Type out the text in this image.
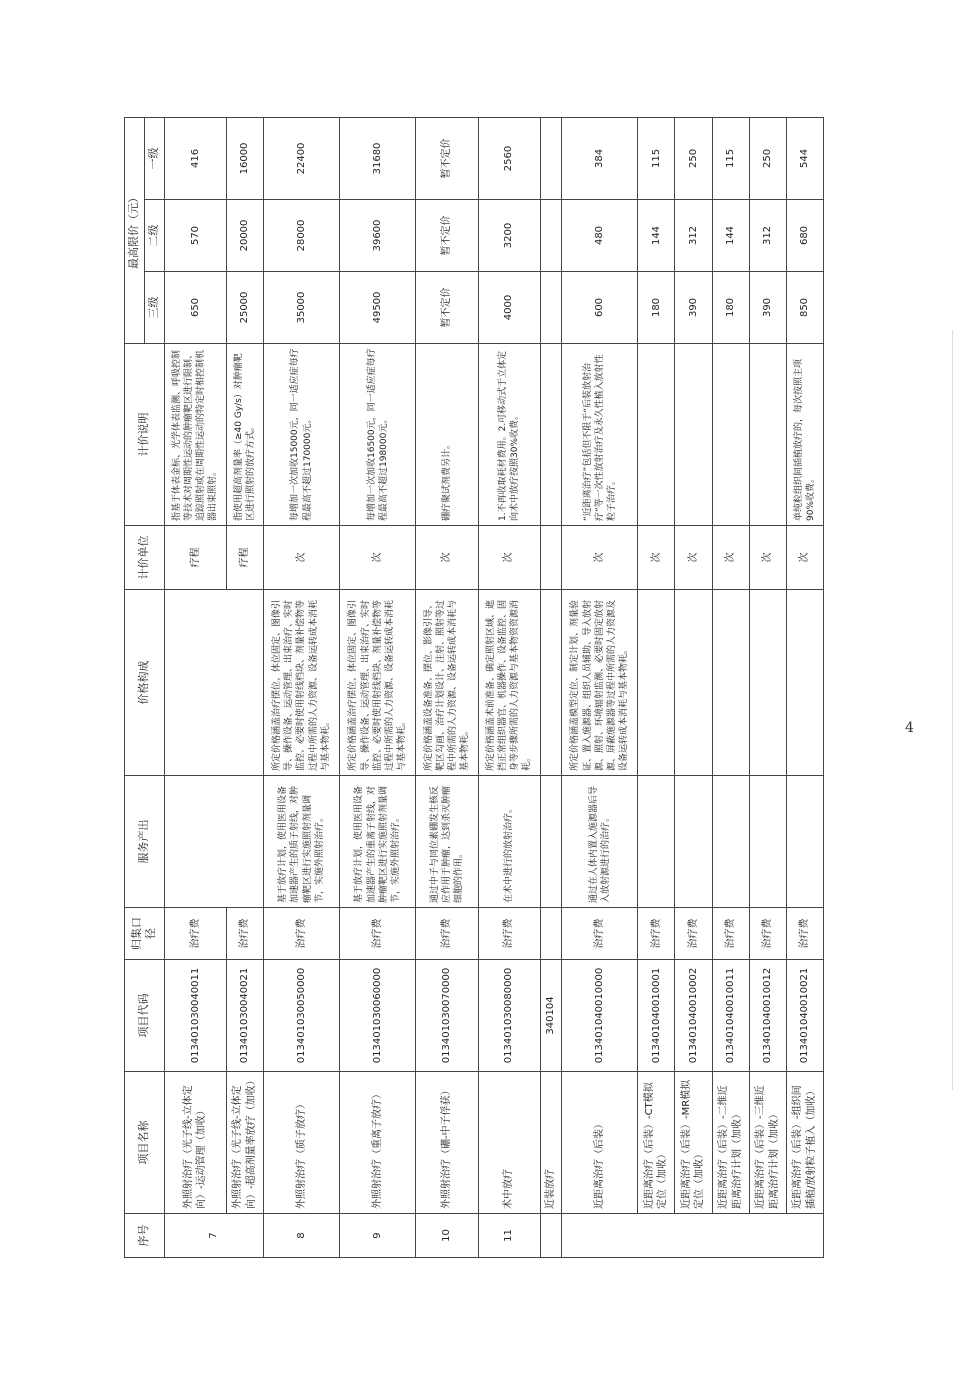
序号	项目名称	项目代码	归集口径	服务产出	价格构成	计价单位	计价说明	最高限价（元）		
								三级	二级	一级
7	外照射治疗（光子线-立体定向）-运动管理（加收）	013401030040011	治疗费			疗程	指基于体表金标、光学体表监测、呼吸控制等技术对周期性运动的肿瘤靶区进行限制、追踪照射或在周期性运动的特定时相控制机器出束照射。	650	570	416
	外照射治疗（光子线-立体定向）-超高剂量率放疗（加收）	013401030040021	治疗费			疗程	指使用超高剂量率（≥40 Gy/s）对肿瘤靶区进行照射的放疗方式。	25000	20000	16000
8	外照射治疗（质子放疗）	013401030050000	治疗费	基于放疗计划，使用医用设备加速器产生的质子射线，对肿瘤靶区进行实施照射剂量调节，实施外照射治疗。	所定价格涵盖治疗摆位、体位固定、图像引导、操作设备、运动管理、出束治疗、实时监控、必要时使用射线档块、剂量补偿物等过程中所需的人力资源、设备运转成本消耗与基本物耗。	次	每增加一次加收15000元，同一适应症每疗程最高不超过170000元。	35000	28000	22400
9	外照射治疗（重离子放疗）	013401030060000	治疗费	基于放疗计划，使用医用设备加速器产生的重离子射线，对肿瘤靶区进行实施照射剂量调节，实施外照射治疗。	所定价格涵盖治疗摆位、体位固定、图像引导、操作设备、运动管理、出束治疗、实时监控、必要时使用射线档块、剂量补偿物等过程中所需的人力资源、设备运转成本消耗与基本物耗。	次	每增加一次加收16500元，同一适应症每疗程最高不超过198000元。	49500	39600	31680
10	外照射治疗（硼-中子俘获）	013401030070000	治疗费	通过中子与同位素硼发生核反应作用于肿瘤，达到杀灭肿瘤细胞的作用。	所定价格涵盖设备准备、摆位、影像引导、靶区勾画、治疗计划设计、注射、照射等过程中所需的人力资源、设备运转成本消耗与基本物耗。	次	硼疗聚试剂费另计。	暂不定价	暂不定价	暂不定价
11	术中放疗	013401030080000	治疗费	在术中进行的放射治疗。	所定价格涵盖术前准备、确定照射区域、遮挡正常组织器官、机器操作、设备监控、固身等步骤所需的人力资源与基本物资资源消耗。	次	1.不再收取耗材费用。2.可移动式于立体定向术中放疗按照30%收费。	4000	3200	2560
	近装放疗	340104								
	近距离治疗（后装）	013401040010000	治疗费	通过在人体内置入施源器后导入放射源进行的治疗。	所定价格涵盖模型定位、制定计划、剂量验证、置入施源器、组织人员辅助、导入放射源、照射、环境辐射监测、必要时固定放射源、屏蔽施源器等过程中所需的人力资源及设备运转成本消耗与基本物耗。	次	“近距离治疗”包括但不限于“后装放射治疗”等一次性放射治疗及永久性植入放射性粒子治疗。	600	480	384
	近距离治疗（后装）-CT模拟定位（加收）	013401040010001	治疗费			次		180	144	115
	近距离治疗（后装）-MR模拟定位（加收）	013401040010002	治疗费			次		390	312	250
	近距离治疗（后装）-二维近距离治疗计划（加收）	013401040010011	治疗费			次		180	144	115
	近距离治疗（后装）-三维近距离治疗计划（加收）	013401040010012	治疗费			次		390	312	250
	近距离治疗（后装）-组织间插植/放射粒子植入（加收）	013401040010021	治疗费			次	单纯粒组织间插植放疗的，每次按照主项90%收费。	850	680	544
4
